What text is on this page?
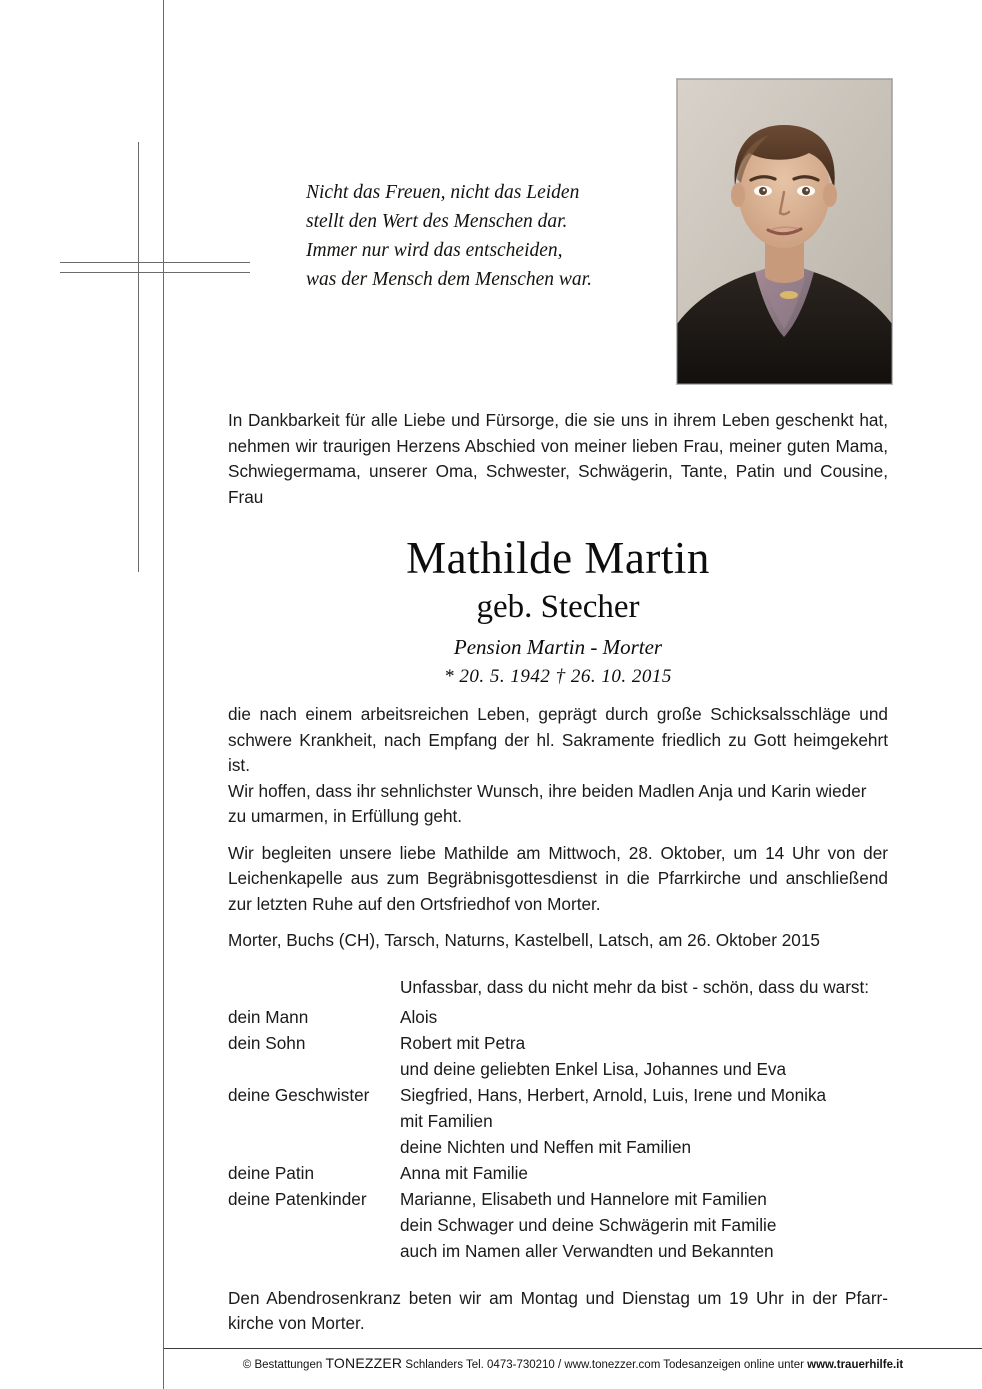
Nicht das Freuen, nicht das Leiden
stellt den Wert des Menschen dar.
Immer nur wird das entscheiden,
was der Mensch dem Menschen war.

In Dankbarkeit für alle Liebe und Fürsorge, die sie uns in ihrem Leben geschenkt hat, nehmen wir traurigen Herzens Abschied von meiner lieben Frau, meiner guten Mama, Schwiegermama, unserer Oma, Schwester, Schwägerin, Tante, Patin und Cousine, Frau

Mathilde Martin
geb. Stecher
Pension Martin - Morter
* 20. 5. 1942 † 26. 10. 2015

die nach einem arbeitsreichen Leben, geprägt durch große Schicksalsschläge und schwere Krankheit, nach Empfang der hl. Sakramente friedlich zu Gott heimgekehrt ist.

Wir hoffen, dass ihr sehnlichster Wunsch, ihre beiden Madlen Anja und Karin wieder zu umarmen, in Erfüllung geht.

Wir begleiten unsere liebe Mathilde am Mittwoch, 28. Oktober, um 14 Uhr von der Leichenkapelle aus zum Begräbnisgottesdienst in die Pfarrkirche und anschließend zur letzten Ruhe auf den Ortsfriedhof von Morter.

Morter, Buchs (CH), Tarsch, Naturns, Kastelbell, Latsch, am 26. Oktober 2015

Unfassbar, dass du nicht mehr da bist - schön, dass du warst:
dein Mann	Alois

dein Sohn	Robert mit Petra
und deine geliebten Enkel Lisa, Johannes und Eva

deine Geschwister	Siegfried, Hans, Herbert, Arnold, Luis, Irene und Monika
mit Familien
deine Nichten und Neffen mit Familien

deine Patin	Anna mit Familie

deine Patenkinder	Marianne, Elisabeth und Hannelore mit Familien
dein Schwager und deine Schwägerin mit Familie
auch im Namen aller Verwandten und Bekannten

Den Abendrosenkranz beten wir am Montag und Dienstag um 19 Uhr in der Pfarrkirche von Morter.

© Bestattungen TONEZZER Schlanders Tel. 0473-730210 / www.tonezzer.com Todesanzeigen online unter www.trauerhilfe.it
